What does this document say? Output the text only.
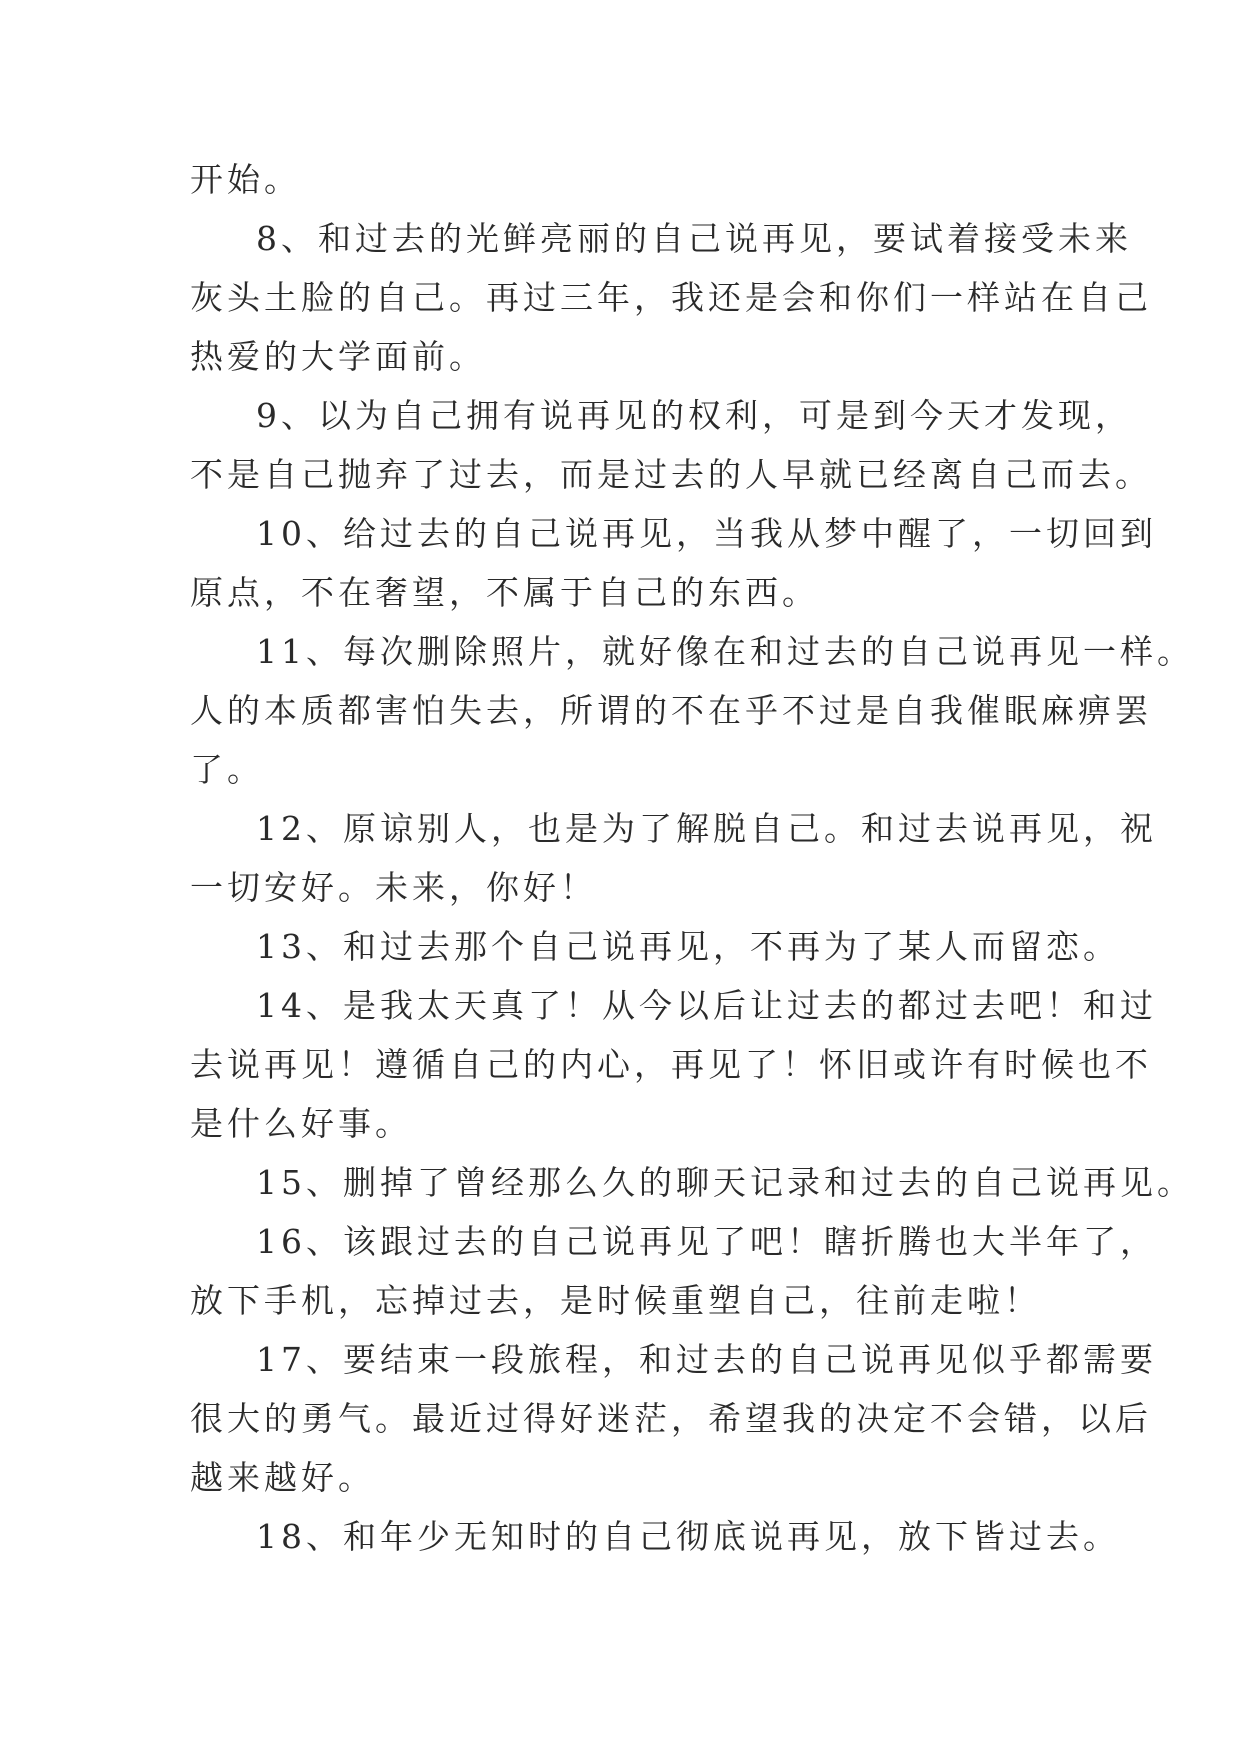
开始。
8、和过去的光鲜亮丽的自己说再见，要试着接受未来
灰头土脸的自己。再过三年，我还是会和你们一样站在自己
热爱的大学面前。
9、以为自己拥有说再见的权利，可是到今天才发现，
不是自己抛弃了过去，而是过去的人早就已经离自己而去。
10、给过去的自己说再见，当我从梦中醒了，一切回到
原点，不在奢望，不属于自己的东西。
11、每次删除照片，就好像在和过去的自己说再见一样。
人的本质都害怕失去，所谓的不在乎不过是自我催眠麻痹罢
了。
12、原谅别人，也是为了解脱自己。和过去说再见，祝
一切安好。未来，你好！
13、和过去那个自己说再见，不再为了某人而留恋。
14、是我太天真了！从今以后让过去的都过去吧！和过
去说再见！遵循自己的内心，再见了！怀旧或许有时候也不
是什么好事。
15、删掉了曾经那么久的聊天记录和过去的自己说再见。
16、该跟过去的自己说再见了吧！瞎折腾也大半年了，
放下手机，忘掉过去，是时候重塑自己，往前走啦！
17、要结束一段旅程，和过去的自己说再见似乎都需要
很大的勇气。最近过得好迷茫，希望我的决定不会错，以后
越来越好。
18、和年少无知时的自己彻底说再见，放下皆过去。
